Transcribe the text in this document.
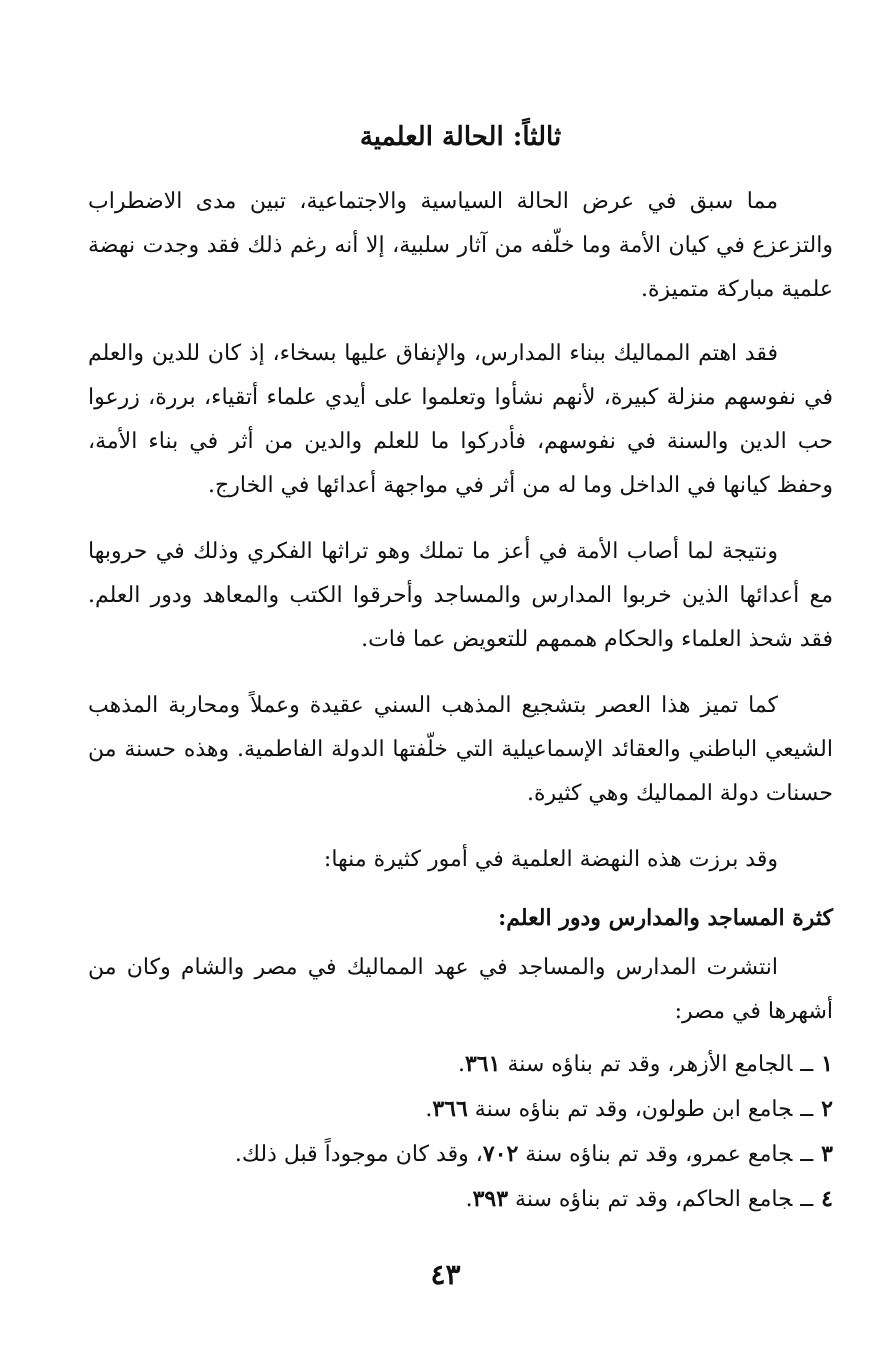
ثالثاً: الحالة العلمية

مما سبق في عرض الحالة السياسية والاجتماعية، تبين مدى الاضطراب والتزعزع في كيان الأمة وما خلّفه من آثار سلبية، إلا أنه رغم ذلك فقد وجدت نهضة علمية مباركة متميزة.

فقد اهتم المماليك ببناء المدارس، والإنفاق عليها بسخاء، إذ كان للدين والعلم في نفوسهم منزلة كبيرة، لأنهم نشأوا وتعلموا على أيدي علماء أتقياء، بررة، زرعوا حب الدين والسنة في نفوسهم، فأدركوا ما للعلم والدين من أثر في بناء الأمة، وحفظ كيانها في الداخل وما له من أثر في مواجهة أعدائها في الخارج.

ونتيجة لما أصاب الأمة في أعز ما تملك وهو تراثها الفكري وذلك في حروبها مع أعدائها الذين خربوا المدارس والمساجد وأحرقوا الكتب والمعاهد ودور العلم. فقد شحذ العلماء والحكام هممهم للتعويض عما فات.

كما تميز هذا العصر بتشجيع المذهب السني عقيدة وعملاً ومحاربة المذهب الشيعي الباطني والعقائد الإسماعيلية التي خلّفتها الدولة الفاطمية. وهذه حسنة من حسنات دولة المماليك وهي كثيرة.

وقد برزت هذه النهضة العلمية في أمور كثيرة منها:

كثرة المساجد والمدارس ودور العلم:

انتشرت المدارس والمساجد في عهد المماليك في مصر والشام وكان من أشهرها في مصر:

١ــالجامع الأزهر، وقد تم بناؤه سنة ٣٦١.
٢ــجامع ابن طولون، وقد تم بناؤه سنة ٣٦٦.
٣ــجامع عمرو، وقد تم بناؤه سنة ٧٠٢، وقد كان موجوداً قبل ذلك.
٤ــجامع الحاكم، وقد تم بناؤه سنة ٣٩٣.
٤٣
